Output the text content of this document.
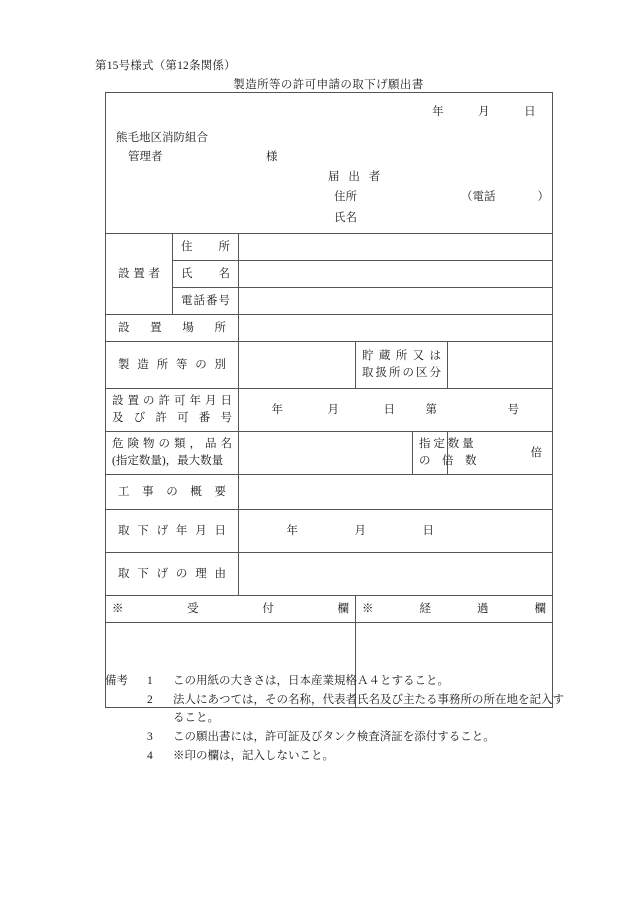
第15号様式（第12条関係）
製造所等の許可申請の取下げ願出書
年	月	日
熊毛地区消防組合
管理者	様
届 出 者
住所	（電話	）
氏名

設 置 者	住　　所				

	氏　　名				

	電話番号				

設 置 場 所					

製 造 所 等 の 別			貯 蔵 所 又 は
取扱所の区分		

設置の許可年月日
及 び 許 可 番 号		年 月 日 第 号			

危険物の類，品名
(指定数量)，最大数量				指 定 数 量
の　倍　数	倍

工 事 の 概 要					

取 下 げ 年 月 日		年 月 日			

取 下 げ の 理 由					

※　　受　　付　　欄			※　　　　経　　　　過　　　　欄		

備考	1	この用紙の大きさは，日本産業規格Ａ４とすること。
2	法人にあつては，その名称，代表者氏名及び主たる事務所の所在地を記入す
ること。
3	この願出書には，許可証及びタンク検査済証を添付すること。
4	※印の欄は，記入しないこと。
